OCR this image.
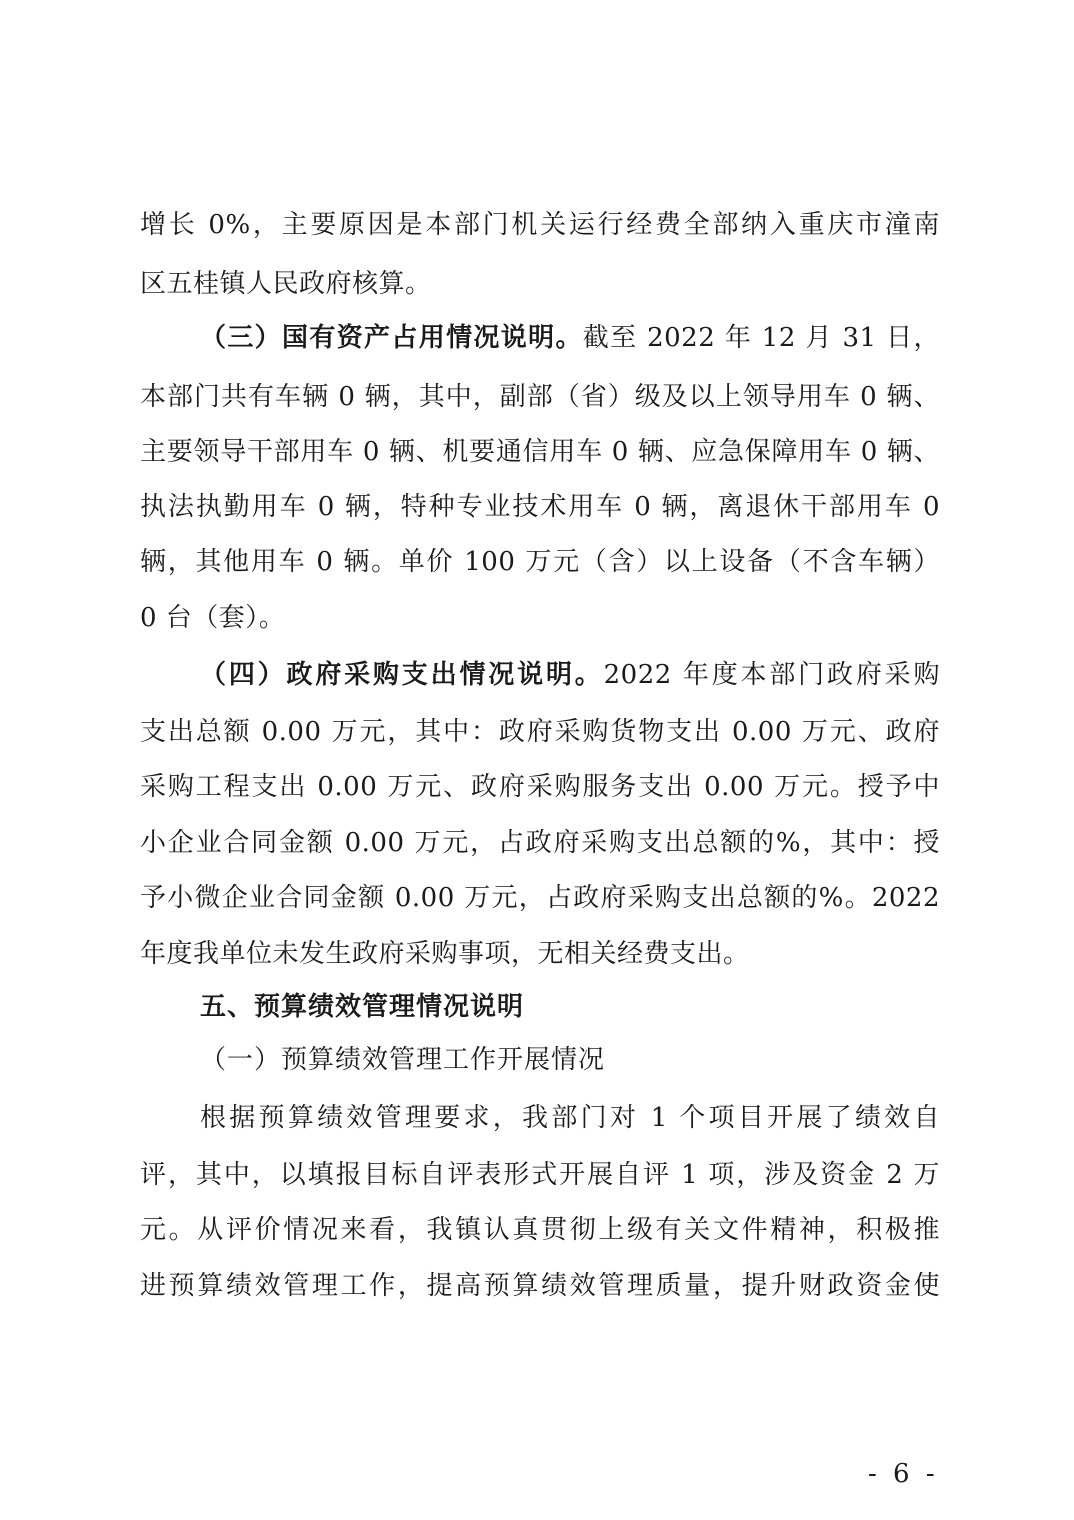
增长 0%，主要原因是本部门机关运行经费全部纳入重庆市潼南
区五桂镇人民政府核算。
（三）国有资产占用情况说明。截至 2022 年 12 月 31 日，
本部门共有车辆 0 辆，其中，副部（省）级及以上领导用车 0 辆、
主要领导干部用车 0 辆、机要通信用车 0 辆、应急保障用车 0 辆、
执法执勤用车 0 辆，特种专业技术用车 0 辆，离退休干部用车 0
辆，其他用车 0 辆。单价 100 万元（含）以上设备（不含车辆）
0 台（套）。
（四）政府采购支出情况说明。2022 年度本部门政府采购
支出总额 0.00 万元，其中：政府采购货物支出 0.00 万元、政府
采购工程支出 0.00 万元、政府采购服务支出 0.00 万元。授予中
小企业合同金额 0.00 万元，占政府采购支出总额的%，其中：授
予小微企业合同金额 0.00 万元，占政府采购支出总额的%。2022
年度我单位未发生政府采购事项，无相关经费支出。
五、预算绩效管理情况说明
（一）预算绩效管理工作开展情况
根据预算绩效管理要求，我部门对 1 个项目开展了绩效自
评，其中，以填报目标自评表形式开展自评 1 项，涉及资金 2 万
元。从评价情况来看，我镇认真贯彻上级有关文件精神，积极推
进预算绩效管理工作，提高预算绩效管理质量，提升财政资金使
- 6 -
